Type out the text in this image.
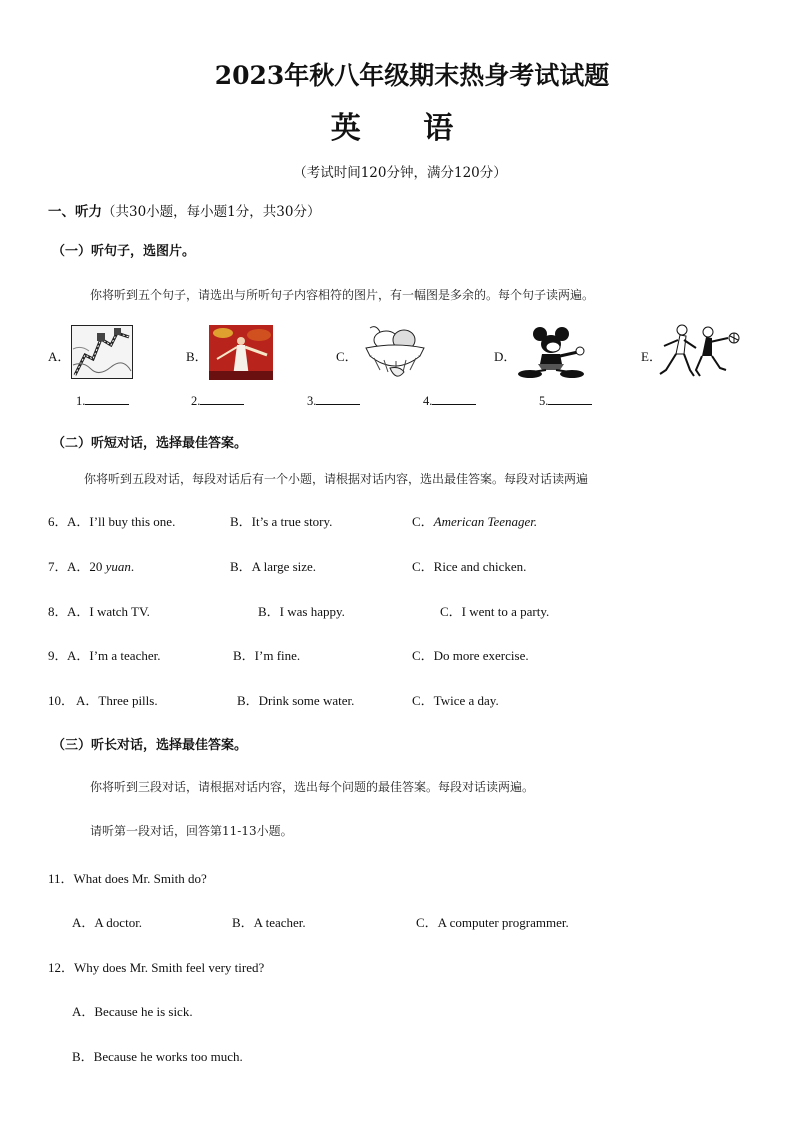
2023年秋八年级期末热身考试试题
英 语
（考试时间120分钟，满分120分）
一、听力（共30小题，每小题1分，共30分）
（一）听句子，选图片。
你将听到五个句子，请选出与所听句子内容相符的图片，有一幅图是多余的。每个句子读两遍。
A．	B．	C．	D．	E．
1.	2.	3.	4.	5.
（二）听短对话，选择最佳答案。
你将听到五段对话，每段对话后有一个小题，请根据对话内容，选出最佳答案。每段对话读两遍
6． A．I’ll buy this one.	B．It’s a true story.	C．American Teenager.
7． A．20 yuan.	B．A large size.	C．Rice and chicken.
8． A．I watch TV.	B．I was happy.	C．I went to a party.
9． A．I’m a teacher.	B．I’m fine.	C．Do more exercise.
10． A．Three pills.	B．Drink some water.	C．Twice a day.
（三）听长对话，选择最佳答案。
你将听到三段对话，请根据对话内容，选出每个问题的最佳答案。每段对话读两遍。
请听第一段对话，回答第11-13小题。
11．What does Mr. Smith do?
A．A doctor.	B．A teacher.	C．A computer programmer.
12．Why does Mr. Smith feel very tired?
A．Because he is sick.
B．Because he works too much.
